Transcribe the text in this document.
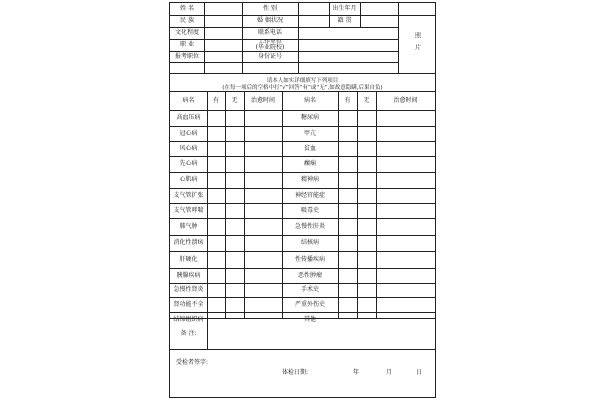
姓 名	性 别	出生年月
民 族	婚 姻状况	籍 贯
文化程度	联系电话
职 业	工作单位
(毕业院校)
报考职位	身份证号	照片
请本人如实详细填写下列项目
(在每一项后的空格中打“√”回答“有”或“无”,如故意隐瞒,后果自负)
病名	有	无	治愈时间	病名	有	无	治愈时间
高血压病	糖尿病
冠心病	甲亢
风心病	贫血
先心病	癫痫
心肌病	精神病
支气管扩张	神经官能症
支气管哮喘	吸毒史
肺气肿	急慢性肝炎
消化性溃疡	结核病
肝硬化	性传播疾病
胰腺疾病	恶性肿瘤
急慢性肾炎	手术史
肾功能不全	严重外伤史
结缔组织病	其他
备 注:
受检者签字:
体检日期:	年	月	日
